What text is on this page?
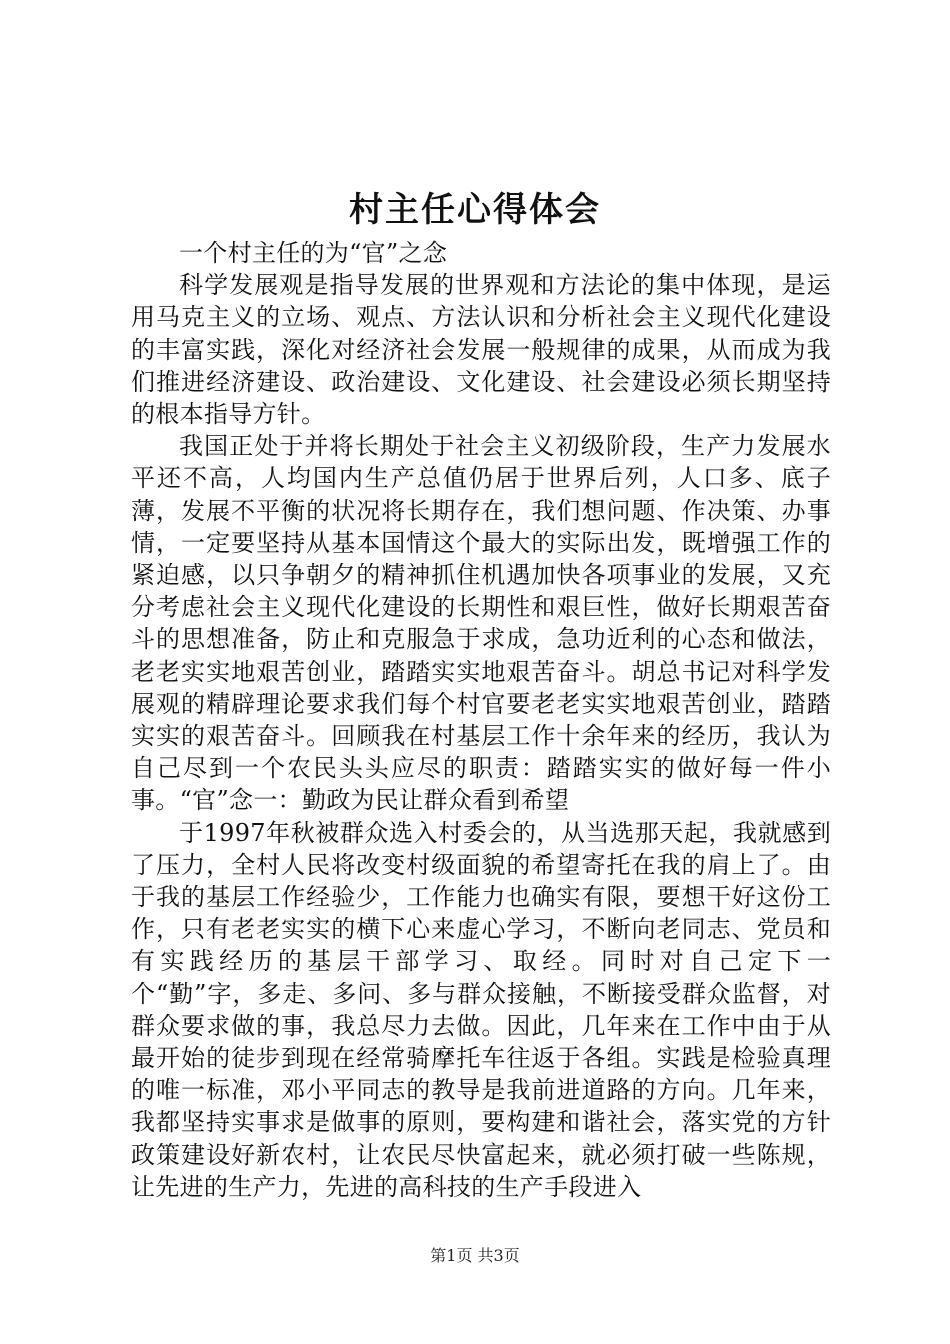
村主任心得体会

一个村主任的为“官”之念

科学发展观是指导发展的世界观和方法论的集中体现，是运用马克主义的立场、观点、方法认识和分析社会主义现代化建设的丰富实践，深化对经济社会发展一般规律的成果，从而成为我们推进经济建设、政治建设、文化建设、社会建设必须长期坚持的根本指导方针。

我国正处于并将长期处于社会主义初级阶段，生产力发展水平还不高，人均国内生产总值仍居于世界后列，人口多、底子薄，发展不平衡的状况将长期存在，我们想问题、作决策、办事情，一定要坚持从基本国情这个最大的实际出发，既增强工作的紧迫感，以只争朝夕的精神抓住机遇加快各项事业的发展，又充分考虑社会主义现代化建设的长期性和艰巨性，做好长期艰苦奋斗的思想准备，防止和克服急于求成，急功近利的心态和做法，老老实实地艰苦创业，踏踏实实地艰苦奋斗。胡总书记对科学发展观的精辟理论要求我们每个村官要老老实实地艰苦创业，踏踏实实的艰苦奋斗。回顾我在村基层工作十余年来的经历，我认为自己尽到一个农民头头应尽的职责：踏踏实实的做好每一件小事。“官”念一：勤政为民让群众看到希望

于1997年秋被群众选入村委会的，从当选那天起，我就感到了压力，全村人民将改变村级面貌的希望寄托在我的肩上了。由于我的基层工作经验少，工作能力也确实有限，要想干好这份工作，只有老老实实的横下心来虚心学习，不断向老同志、党员和有实践经历的基层干部学习、取经。同时对自己定下一个“勤”字，多走、多问、多与群众接触，不断接受群众监督，对群众要求做的事，我总尽力去做。因此，几年来在工作中由于从最开始的徒步到现在经常骑摩托车往返于各组。实践是检验真理的唯一标准，邓小平同志的教导是我前进道路的方向。几年来，我都坚持实事求是做事的原则，要构建和谐社会，落实党的方针政策建设好新农村，让农民尽快富起来，就必须打破一些陈规，让先进的生产力，先进的高科技的生产手段进入

第1页 共3页
